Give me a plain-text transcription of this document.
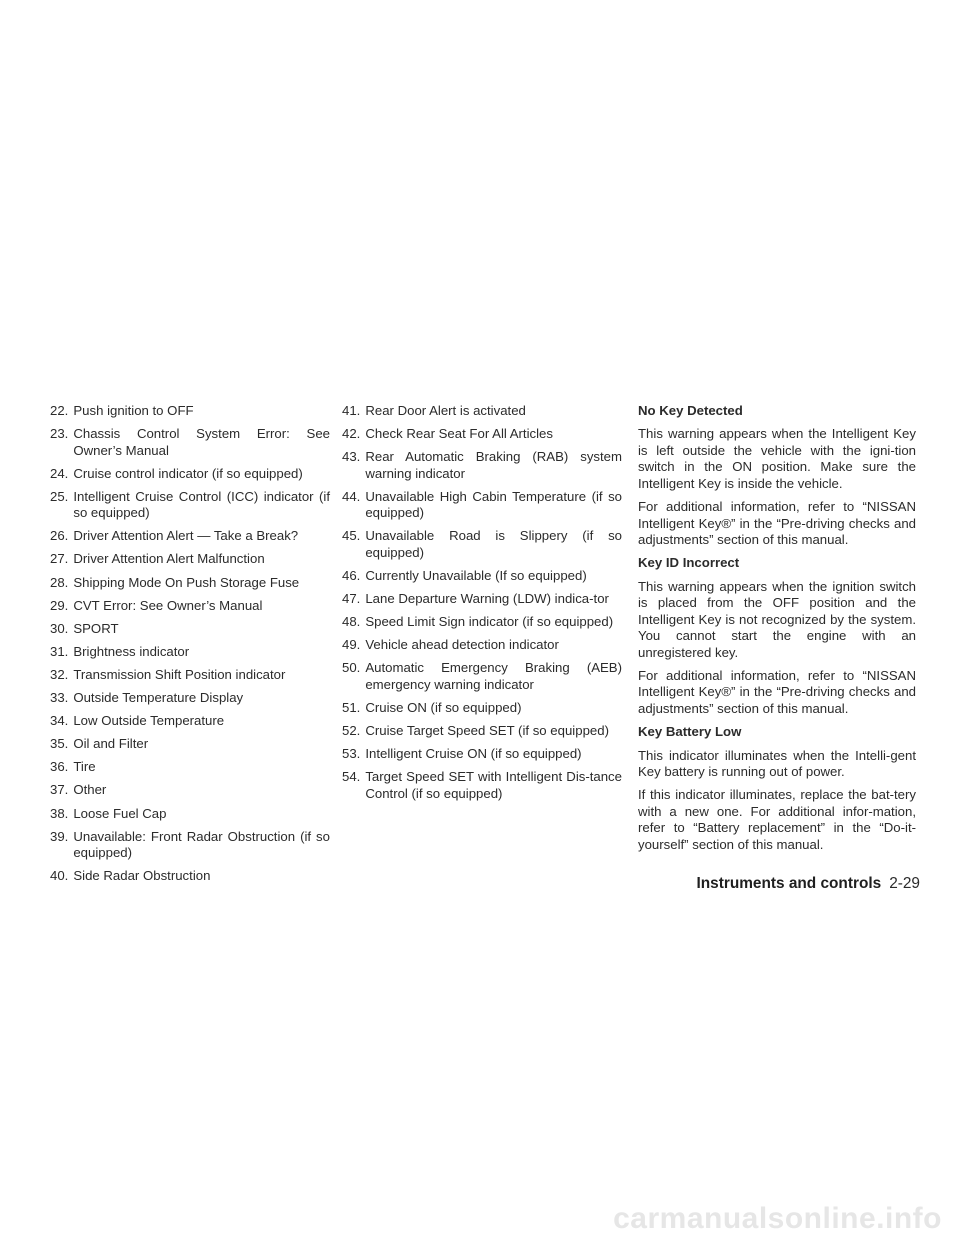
22. Push ignition to OFF
23. Chassis Control System Error: See Owner’s Manual
24. Cruise control indicator (if so equipped)
25. Intelligent Cruise Control (ICC) indicator (if so equipped)
26. Driver Attention Alert — Take a Break?
27. Driver Attention Alert Malfunction
28. Shipping Mode On Push Storage Fuse
29. CVT Error: See Owner’s Manual
30. SPORT
31. Brightness indicator
32. Transmission Shift Position indicator
33. Outside Temperature Display
34. Low Outside Temperature
35. Oil and Filter
36. Tire
37. Other
38. Loose Fuel Cap
39. Unavailable: Front Radar Obstruction (if so equipped)
40. Side Radar Obstruction
41. Rear Door Alert is activated
42. Check Rear Seat For All Articles
43. Rear Automatic Braking (RAB) system warning indicator
44. Unavailable High Cabin Temperature (if so equipped)
45. Unavailable Road is Slippery (if so equipped)
46. Currently Unavailable (If so equipped)
47. Lane Departure Warning (LDW) indica-tor
48. Speed Limit Sign indicator (if so equipped)
49. Vehicle ahead detection indicator
50. Automatic Emergency Braking (AEB) emergency warning indicator
51. Cruise ON (if so equipped)
52. Cruise Target Speed SET (if so equipped)
53. Intelligent Cruise ON (if so equipped)
54. Target Speed SET with Intelligent Dis-tance Control (if so equipped)
No Key Detected

This warning appears when the Intelligent Key is left outside the vehicle with the igni-tion switch in the ON position. Make sure the Intelligent Key is inside the vehicle.

For additional information, refer to “NISSAN Intelligent Key®” in the “Pre-driving checks and adjustments” section of this manual.

Key ID Incorrect

This warning appears when the ignition switch is placed from the OFF position and the Intelligent Key is not recognized by the system. You cannot start the engine with an unregistered key.

For additional information, refer to “NISSAN Intelligent Key®” in the “Pre-driving checks and adjustments” section of this manual.

Key Battery Low

This indicator illuminates when the Intelli-gent Key battery is running out of power.

If this indicator illuminates, replace the bat-tery with a new one. For additional infor-mation, refer to “Battery replacement” in the “Do-it-yourself” section of this manual.

Instruments and controls 2-29
carmanualsonline.info
